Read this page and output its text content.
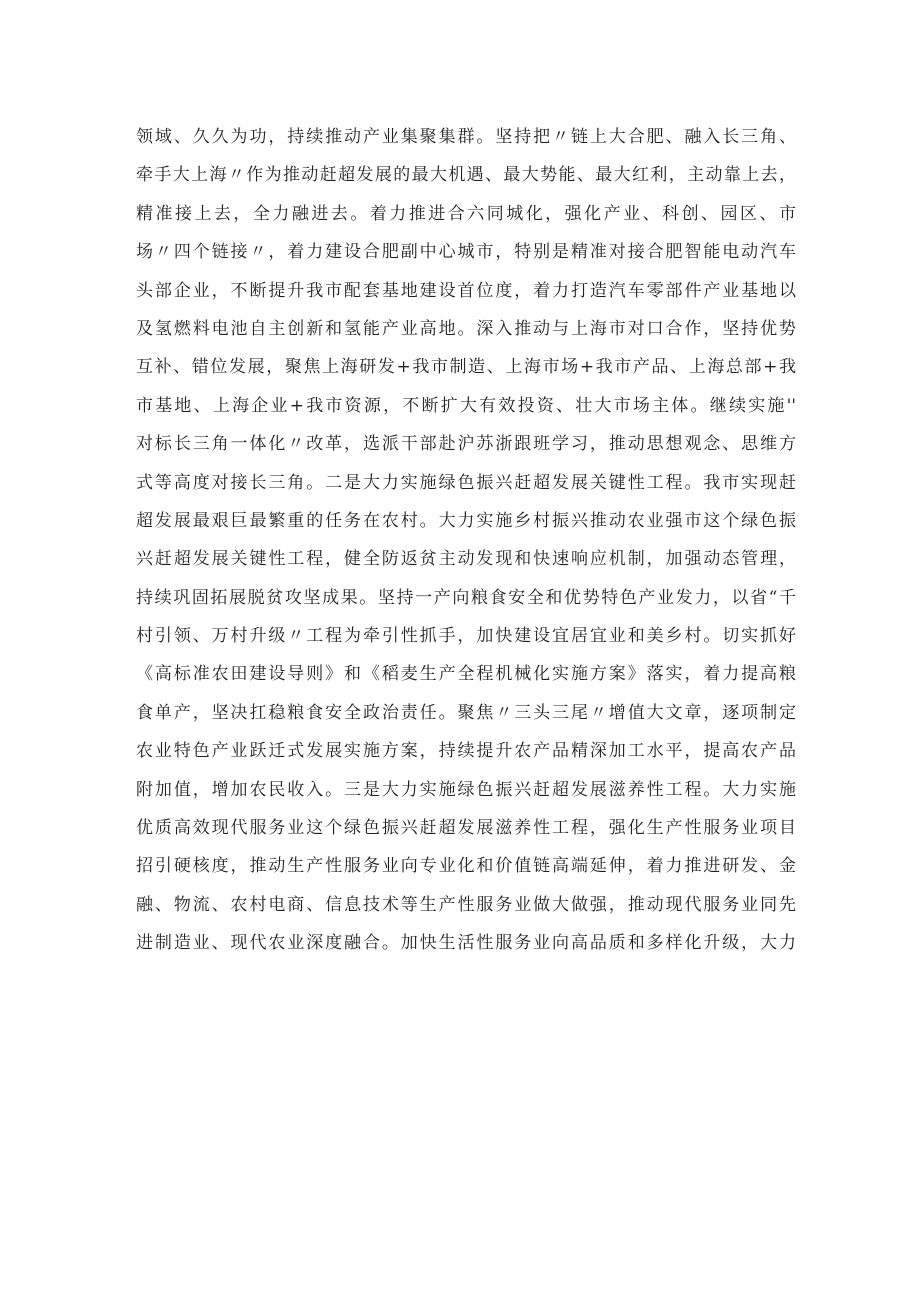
领域、久久为功，持续推动产业集聚集群。坚持把〃链上大合肥、融入长三角、
牵手大上海〃作为推动赶超发展的最大机遇、最大势能、最大红利，主动靠上去，
精准接上去，全力融进去。着力推进合六同城化，强化产业、科创、园区、市
场〃四个链接〃，着力建设合肥副中心城市，特别是精准对接合肥智能电动汽车
头部企业，不断提升我市配套基地建设首位度，着力打造汽车零部件产业基地以
及氢燃料电池自主创新和氢能产业高地。深入推动与上海市对口合作，坚持优势
互补、错位发展，聚焦上海研发+我市制造、上海市场+我市产品、上海总部+我
市基地、上海企业+我市资源，不断扩大有效投资、壮大市场主体。继续实施''
对标长三角一体化〃改革，选派干部赴沪苏浙跟班学习，推动思想观念、思维方
式等高度对接长三角。二是大力实施绿色振兴赶超发展关键性工程。我市实现赶
超发展最艰巨最繁重的任务在农村。大力实施乡村振兴推动农业强市这个绿色振
兴赶超发展关键性工程，健全防返贫主动发现和快速响应机制，加强动态管理，
持续巩固拓展脱贫攻坚成果。坚持一产向粮食安全和优势特色产业发力，以省“千
村引领、万村升级〃工程为牵引性抓手，加快建设宜居宜业和美乡村。切实抓好
《高标准农田建设导则》和《稻麦生产全程机械化实施方案》落实，着力提高粮
食单产，坚决扛稳粮食安全政治责任。聚焦〃三头三尾〃增值大文章，逐项制定
农业特色产业跃迁式发展实施方案，持续提升农产品精深加工水平，提高农产品
附加值，增加农民收入。三是大力实施绿色振兴赶超发展滋养性工程。大力实施
优质高效现代服务业这个绿色振兴赶超发展滋养性工程，强化生产性服务业项目
招引硬核度，推动生产性服务业向专业化和价值链高端延伸，着力推进研发、金
融、物流、农村电商、信息技术等生产性服务业做大做强，推动现代服务业同先
进制造业、现代农业深度融合。加快生活性服务业向高品质和多样化升级，大力
